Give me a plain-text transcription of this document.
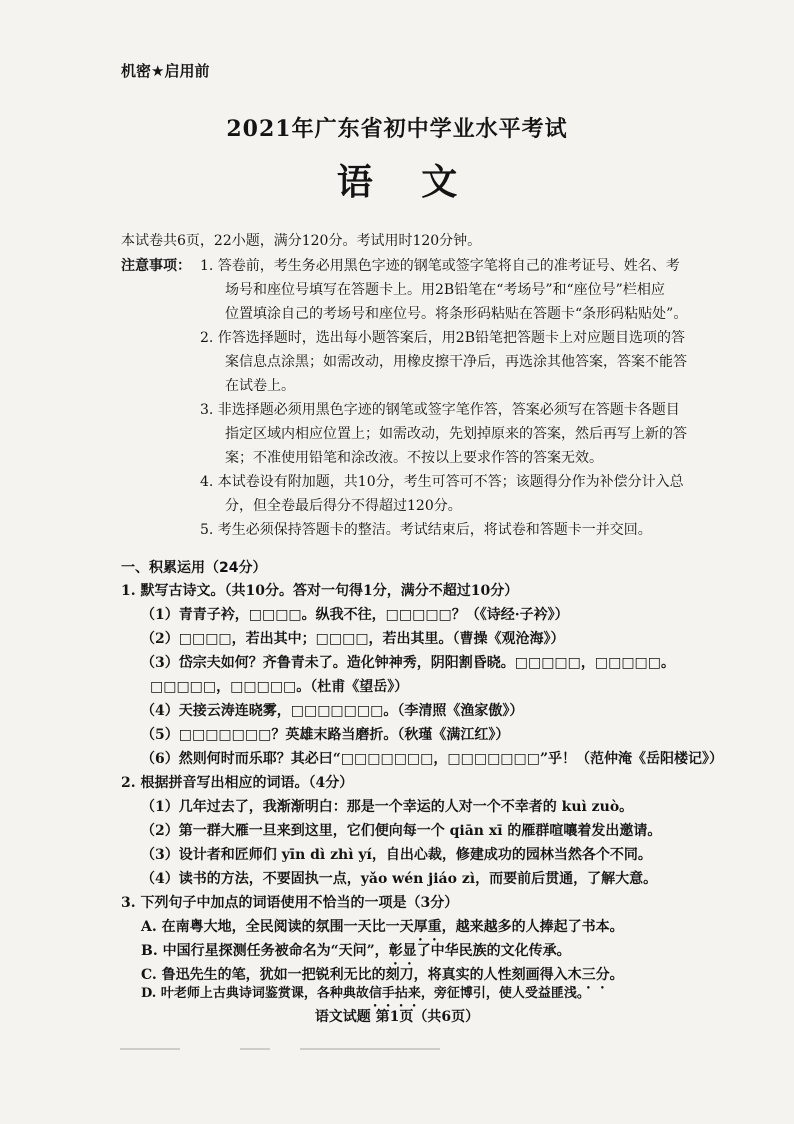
机密★启用前
2021年广东省初中学业水平考试
语 文
本试卷共6页，22小题，满分120分。考试用时120分钟。
注意事项： 1. 答卷前，考生务必用黑色字迹的钢笔或签字笔将自己的准考证号、姓名、考
场号和座位号填写在答题卡上。用2B铅笔在“考场号”和“座位号”栏相应
位置填涂自己的考场号和座位号。将条形码粘贴在答题卡“条形码粘贴处”。
2. 作答选择题时，选出每小题答案后，用2B铅笔把答题卡上对应题目选项的答
案信息点涂黑；如需改动，用橡皮擦干净后，再选涂其他答案，答案不能答
在试卷上。
3. 非选择题必须用黑色字迹的钢笔或签字笔作答，答案必须写在答题卡各题目
指定区域内相应位置上；如需改动，先划掉原来的答案，然后再写上新的答
案；不准使用铅笔和涂改液。不按以上要求作答的答案无效。
4. 本试卷设有附加题，共10分，考生可答可不答；该题得分作为补偿分计入总
分，但全卷最后得分不得超过120分。
5. 考生必须保持答题卡的整洁。考试结束后，将试卷和答题卡一并交回。
一、积累运用（24分）
1. 默写古诗文。（共10分。答对一句得1分，满分不超过10分）
（1）青青子衿，□□□□。纵我不往，□□□□□？（《诗经·子衿》）
（2）□□□□，若出其中；□□□□，若出其里。（曹操《观沧海》）
（3）岱宗夫如何？齐鲁青未了。造化钟神秀，阴阳割昏晓。□□□□□，□□□□□。
□□□□□，□□□□□。（杜甫《望岳》）
（4）天接云涛连晓雾，□□□□□□□。（李清照《渔家傲》）
（5）□□□□□□□？英雄末路当磨折。（秋瑾《满江红》）
（6）然则何时而乐耶？其必曰“□□□□□□□，□□□□□□□”乎！（范仲淹《岳阳楼记》）
2. 根据拼音写出相应的词语。（4分）
（1）几年过去了，我渐渐明白：那是一个幸运的人对一个不幸者的 kuì zuò。
（2）第一群大雁一旦来到这里，它们便向每一个 qiān xī 的雁群喧嚷着发出邀请。
（3）设计者和匠师们 yīn dì zhì yí，自出心裁，修建成功的园林当然各个不同。
（4）读书的方法，不要固执一点，yǎo wén jiáo zì，而要前后贯通，了解大意。
3. 下列句子中加点的词语使用不恰当的一项是（3分）
A. 在南粤大地，全民阅读的氛围一天比一天厚重，越来越多的人捧起了书本。
B. 中国行星探测任务被命名为“天问”，彰显了中华民族的文化传承。
C. 鲁迅先生的笔，犹如一把锐利无比的刻刀，将真实的人性刻画得入木三分。
D. 叶老师上古典诗词鉴赏课，各种典故信手拈来，旁征博引，使人受益匪浅。
语文试题 第1页（共6页）
